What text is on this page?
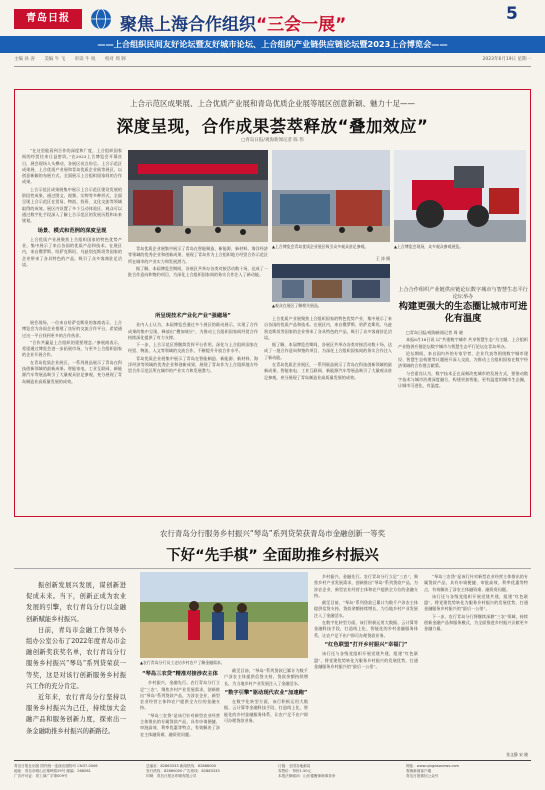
青岛日报	聚焦上海合作组织“三会一展”
5
——上合组织民间友好论坛暨友好城市论坛、上合组织产业链供应链论坛暨2023上合博览会——
主编 孙 涛 美编 牛 飞 审读 牛 锐 校对 周 轲	2023年6月19日 星期一
上合示范区成果展、上合优质产业展和青岛优质企业展等展区创意新颖、魅力十足——
深度呈现，合作成果荟萃释放“叠加效应”
□青岛日报/观海新闻记者 陈 伟

“在这里能看到合作的深度和广度，上合组织国家间的经贸往来日益密切。”在2023上合博览会开幕首日，展会现场人头攒动，各展区亮点纷呈。上合示范区成果展、上合优质产业展和青岛优质企业展等展区，以创意新颖的布展方式，全面展示上合组织国家间的合作成果。

上合示范区成果展集中展示上合示范区建设发展的阶段性成果，通过图文、视频、实物等多种形式，全面呈现上合示范区在贸易、物流、投资、文化交流等领域取得的成效。展区内设置了多个互动体验区，观众可以通过数字化手段深入了解上合示范区的发展历程和未来规划。

场景、模式和范例的深度呈现

上合优质产业展聚焦上合组织国家的特色优势产业，集中展示了来自各国的优质产品和技术。在展区内，来自俄罗斯、哈萨克斯坦、乌兹别克斯坦等国家的企业带来了各具特色的产品，吸引了众多客商驻足洽谈。

▲上合博览会现场，众多观众参观展览。
▲上合博览会青岛优质企业展区吸引众多观众驻足参观。
王 涛 摄
▲观众在展区了解相关展品。

青岛优质企业展集中展示了青岛在智能制造、新能源、新材料、海洋经济等领域的优秀企业和创新成果，展现了青岛作为上合组织地方经贸合作示范区所在城市的产业实力和发展潜力。

据了解，本届博览会期间，各展区共举办各类对接活动数十场，达成了一批合作意向和签约项目，为深化上合组织国家间的务实合作注入了新动能。

上合合作组织产业链供应链论坛数字城市与智慧生态平行论坛举办
构建更强大的生态圈让城市可进化有温度

□青岛日报/观海新闻记者 周 晓

本报6月18日讯 以“共建数字城市 共享智慧生态”为主题，上合组织产业链供应链论坛数字城市与智慧生态平行论坛在青岛举办。

论坛期间，来自国内外的专家学者、企业代表等围绕数字城市建设、智慧生态构建等议题展开深入交流，为推动上合组织国家在数字经济领域的合作建言献策。

与会嘉宾认为，数字技术正在深刻改变城市的发展方式，要推动数字技术与城市治理深度融合，构建更加智能、更有温度的城市生态圈，让城市可进化、有温度。

展会现场，一位来自哈萨克斯坦的客商表示，上合博览会为各国企业搭建了良好的交流合作平台，希望通过这一平台找到更多的合作伙伴。

“合作共赢是上合组织的重要理念。”参展商表示，希望通过博览会进一步拓展市场，与更多上合组织国家的企业开展合作。

在青岛优质企业展区，一系列展品展示了青岛在科技创新领域的最新成果。智能家电、工业互联网、新能源汽车等展品吸引了大量观众驻足参观，充分展现了青岛制造业高质量发展的成效。

所呈现技术产业化产业“强磁场”

业内人士认为，本届博览会通过多个展区的联动展示，实现了合作成果的集中呈现，释放出“叠加效应”，为推动上合组织国家间经贸合作持续深化提供了有力支撑。

下一步，上合示范区将继续发挥平台作用，深化与上合组织国家在经贸、物流、人文等领域的交流合作，不断提升开放合作水平。

青岛优质企业展集中展示了青岛在智能制造、新能源、新材料、海洋经济等领域的优秀企业和创新成果，展现了青岛作为上合组织地方经贸合作示范区所在城市的产业实力和发展潜力。

上合优质产业展聚焦上合组织国家的特色优势产业，集中展示了来自各国的优质产品和技术。在展区内，来自俄罗斯、哈萨克斯坦、乌兹别克斯坦等国家的企业带来了各具特色的产品，吸引了众多客商驻足洽谈。

据了解，本届博览会期间，各展区共举办各类对接活动数十场，达成了一批合作意向和签约项目，为深化上合组织国家间的务实合作注入了新动能。

在青岛优质企业展区，一系列展品展示了青岛在科技创新领域的最新成果。智能家电、工业互联网、新能源汽车等展品吸引了大量观众驻足参观，充分展现了青岛制造业高质量发展的成效。

农行青岛分行服务乡村振兴“琴岛”系列贷荣获青岛市金融创新一等奖
下好“先手棋” 全面助推乡村振兴

振创新发展兴发展，谋创新进促成未来。当下，创新正成为农业发展的引擎，农行青岛分行以金融创新赋能乡村振兴。

日前，青岛市金融工作领导小组办公室公布了2022年度青岛市金融创新奖获奖名单，农行青岛分行服务乡村振兴“琴岛”系列贷荣获一等奖，这是对该行创新服务乡村振兴工作的充分肯定。

近年来，农行青岛分行坚持以服务乡村振兴为己任，持续加大金融产品和服务创新力度，探索出一条金融助推乡村振兴的新路径。

▲农行青岛分行员工走访乡村农户了解金融需求。
“琴岛三农贷”精准对接涉农主体

乡村振兴，金融先行。农行青岛分行立足“三农”，聚焦乡村产业发展需求，创新推出“琴岛”系列贷款产品，为涉农企业、新型农业经营主体和农户提供全方位的金融支持。

“琴岛三农贷”是该行针对新型农业经营主体推出的专属贷款产品，具有申请便捷、审批高效、利率优惠等特点，有效解决了涉农主体融资难、融资贵问题。

截至目前，“琴岛”系列贷款已累计为数千户涉农主体提供信贷支持，贷款余额持续增长，为当地乡村产业发展注入了金融活水。

“数字引擎”驱动现代农业“加速跑”

在数字化转型方面，该行积极运用大数据、云计算等金融科技手段，打造线上化、智能化的乡村金融服务体系，让农户足不出户即可办理贷款业务。

乡村振兴，金融先行。农行青岛分行立足“三农”，聚焦乡村产业发展需求，创新推出“琴岛”系列贷款产品，为涉农企业、新型农业经营主体和农户提供全方位的金融支持。

截至目前，“琴岛”系列贷款已累计为数千户涉农主体提供信贷支持，贷款余额持续增长，为当地乡村产业发展注入了金融活水。

在数字化转型方面，该行积极运用大数据、云计算等金融科技手段，打造线上化、智能化的乡村金融服务体系，让农户足不出户即可办理贷款业务。

“红色联盟”打开乡村振兴“幸福门”

该行还与各级党组织开展党建共建，组建“红色联盟”，将党建优势转化为服务乡村振兴的发展优势，打通金融服务乡村振兴的“最后一公里”。

“琴岛三农贷”是该行针对新型农业经营主体推出的专属贷款产品，具有申请便捷、审批高效、利率优惠等特点，有效解决了涉农主体融资难、融资贵问题。

该行还与各级党组织开展党建共建，组建“红色联盟”，将党建优势转化为服务乡村振兴的发展优势，打通金融服务乡村振兴的“最后一公里”。

下一步，农行青岛分行将继续深耕“三农”领域，持续创新金融产品和服务模式，为全面推进乡村振兴贡献更多金融力量。

张文静 宋 晓
青岛日报社出版 国内统一连续出版物号 CN37-0006
地址：青岛市崂山区秦岭路29号 邮编：266061
广告许可证：青工商广字第009号
总编室：82863333 新闻热线：82888000
发行热线：82860000 广告热线：82863333
印刷：青岛日报社印刷有限公司
订阅：全国各地邮局
零售价：每份1.50元
本报法律顾问：山东德衡律师事务所
网址：www.qingdaonews.com
观海新闻客户端
青岛日报微信公众号
